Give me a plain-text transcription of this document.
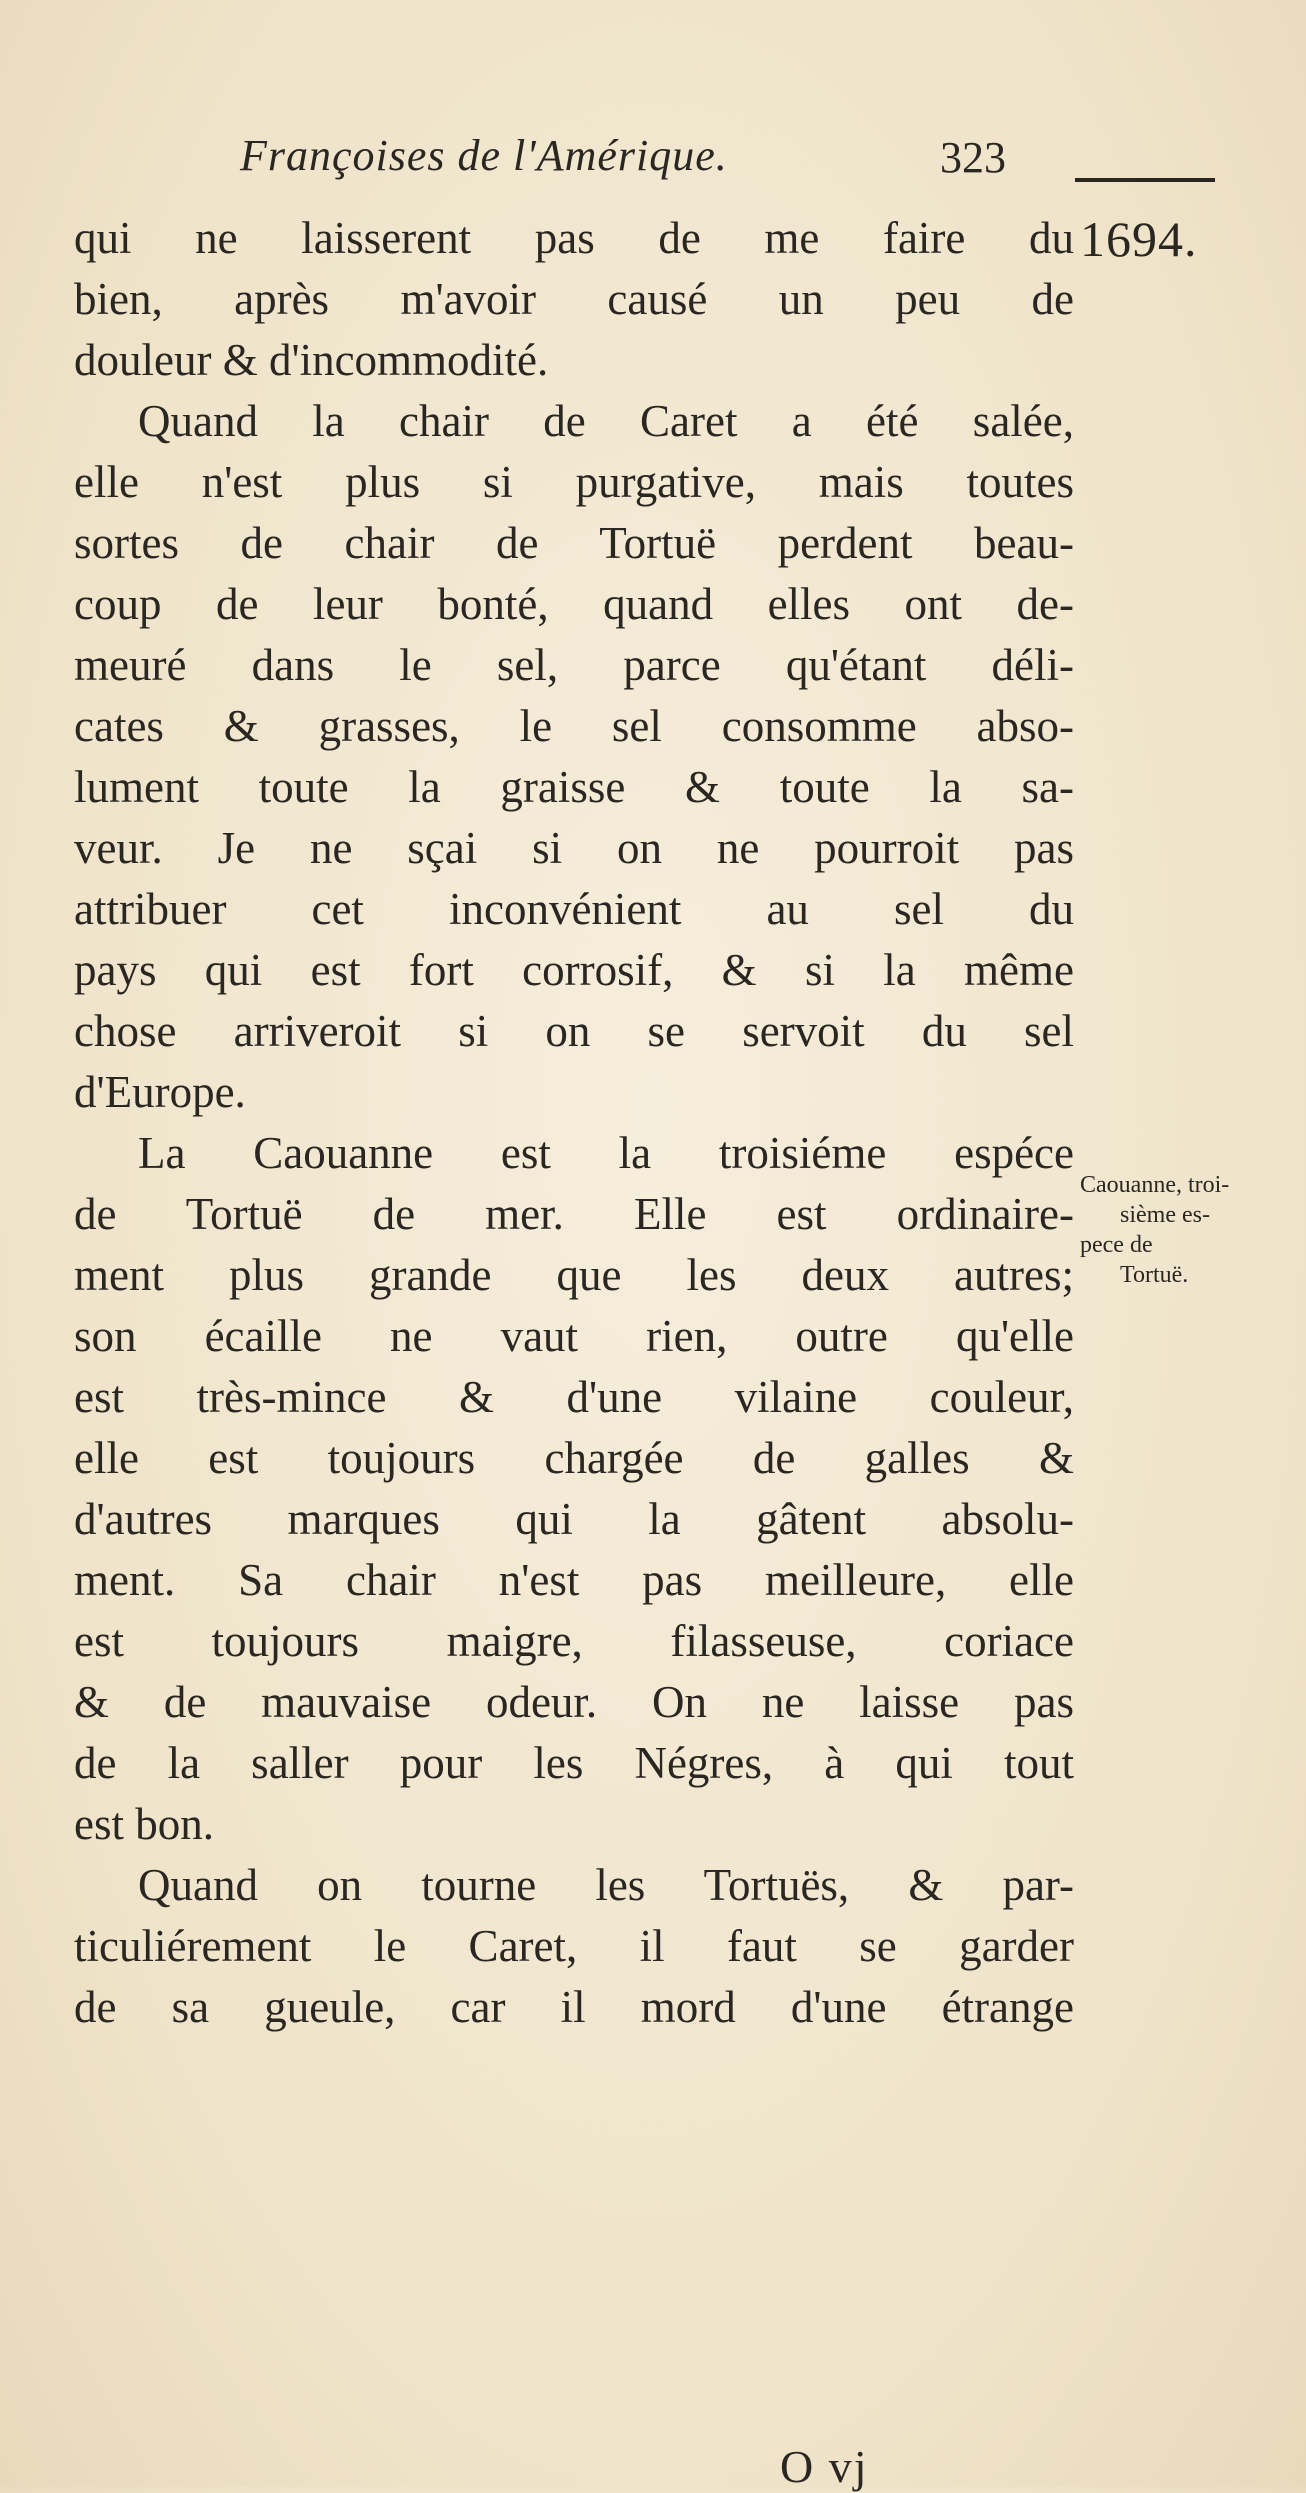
Françoises de l'Amérique.	323
1694.
qui ne laisserent pas de me faire du
bien, après m'avoir causé un peu de
douleur & d'incommodité.
Quand la chair de Caret a été salée,
elle n'est plus si purgative, mais toutes
sortes de chair de Tortuë perdent beau-
coup de leur bonté, quand elles ont de-
meuré dans le sel, parce qu'étant déli-
cates & grasses, le sel consomme abso-
lument toute la graisse & toute la sa-
veur. Je ne sçai si on ne pourroit pas
attribuer cet inconvénient au sel du
pays qui est fort corrosif, & si la même
chose arriveroit si on se servoit du sel
d'Europe.
La Caouanne est la troisiéme espéce
de Tortuë de mer. Elle est ordinaire-
ment plus grande que les deux autres;
son écaille ne vaut rien, outre qu'elle
est très-mince & d'une vilaine couleur,
elle est toujours chargée de galles &
d'autres marques qui la gâtent absolu-
ment. Sa chair n'est pas meilleure, elle
est toujours maigre, filasseuse, coriace
& de mauvaise odeur. On ne laisse pas
de la saller pour les Négres, à qui tout
est bon.
Quand on tourne les Tortuës, & par-
ticuliérement le Caret, il faut se garder
de sa gueule, car il mord d'une étrange
Caouanne, troi-
sième es-
pece de
Tortuë.
O vj
